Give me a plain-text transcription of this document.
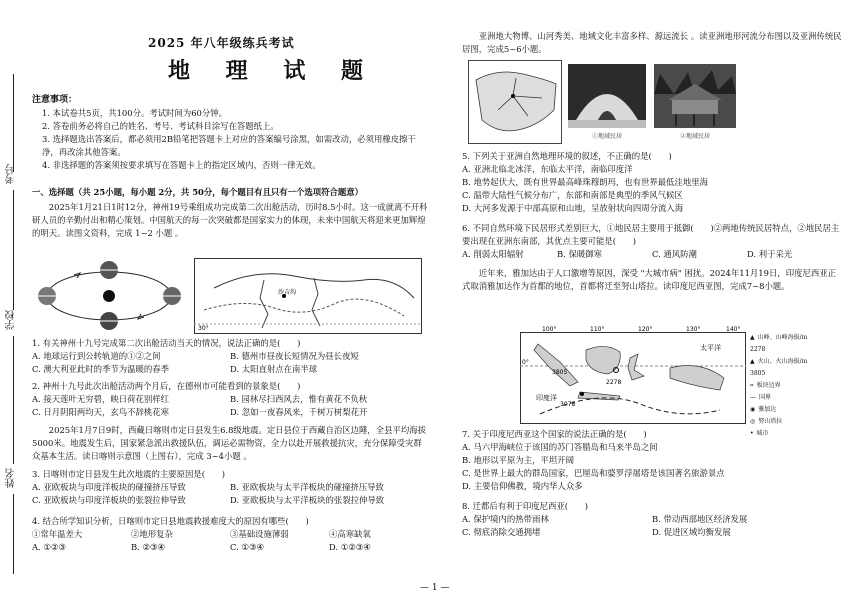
考号
学校
姓名
2025 年八年级练兵考试
地 理 试 题
注意事项：
1. 本试卷共5页，共100分。考试时间为60分钟。
2. 答卷前务必将自己的姓名、考号、考试科目涂写在答题纸上。
3. 选择题选出答案后，都必须用2B铅笔把答题卡上对应的答案编号涂黑，如需改动，必须用橡皮擦干净，再改涂其他答案。
4. 非选择题的答案须按要求填写在答题卡上的指定区域内，否则一律无效。
一、选择题（共 25小题，每小题 2分，共 50分，每个题目有且只有一个选项符合题意）
2025年1月21日1时12分，神州19号乘组成功完成第二次出舱活动，历时8.5小时。这一成就离不开科研人员的辛勤付出和精心策划。中国航天的每一次突破都是国家实力的体现，未来中国航天将迎来更加辉煌的明天。读图文资料，完成 1~2 小题 。
沙吉沟
30°
1. 有关神州十九号完成第二次出舱活动当天的情况，说法正确的是(　　)
A. 地球运行到公转轨道的①②之间	B. 德州市昼夜长短情况为昼长夜短
C. 澳大利亚此时的季节为温暖的春季	D. 太阳直射点在南半球
2. 神州十九号此次出舱活动两个月后，在德州市可能看到的景象是(　　)
A. 接天莲叶无穷碧，映日荷花别样红	B. 园林尽扫西风去，惟有黄花不负秋
C. 日月阴阳两均天，玄鸟不辞桃花寒	D. 忽如一夜春风来，千树万树梨花开
2025年1月7日9时，西藏日喀则市定日县发生6.8级地震。定日县位于西藏自治区边陲，全县平均海拔5000米。地震发生后，国家紧急派出救援队伍，调运必需物资，全力以赴开展救援抗灾，充分保障受灾群众基本生活。读日喀则示意图（上图右），完成 3~4小题 。
3. 日喀则市定日县发生此次地震的主要原因是(　　)
A. 亚欧板块与印度洋板块的碰撞挤压导致	B. 亚欧板块与太平洋板块的碰撞挤压导致
C. 亚欧板块与印度洋板块的张裂拉伸导致	D. 亚欧板块与太平洋板块的张裂拉伸导致
4. 结合所学知识分析，日喀则市定日县地震救援难度大的原因有哪些(　　)
①常年温差大	②地形复杂	③基础设施薄弱	④高寒缺氧
A. ①②③	B. ②③④	C. ①③④	D. ①②③④
— 1 —
亚洲地大物博、山河秀美、地域文化丰富多样、源远流长 。读亚洲地形河流分布图以及亚洲传统民居图，完成5~6小题。
①地域民居	②地域民居
5. 下列关于亚洲自然地理环境的叙述，不正确的是(　　)
A. 亚洲北临北冰洋，东临太平洋，南临印度洋
B. 地势起伏大，既有世界最高峰珠穆朗玛，也有世界最低洼地里海
C. 温带大陆性气候分布广，东部和南部是典型的季风气候区
D. 大河多发源于中部高原和山地，呈放射状向四周分流入海
6. 不同自然环境下民居形式差别巨大，①地民居主要用于抵御(　　)②两地传统民居特点，②地民居主要出现在亚洲东南部，其优点主要可能是(　　)
A. 削弱太阳辐射	B. 保暖御寒	C. 通风防潮	D. 利于采光
近年来，雅加达由于人口激增等原因，深受 "大城市病" 困扰。2024年11月19日，印度尼西亚正式取消雅加达作为首都的地位，首都将迁至努山塔拉。读印度尼西亚图，完成7~8小题。
100°	110°	120°	130°	140°
0°
太平洋
印度洋
3805
2278
3078
▲ 山峰、山峰海拔/m
2278
▲ 火山、火山海拔/m
3805
╍ 板块边界
— 国界
◉ 雅加达
◎ 努山塔拉
• 城市
7. 关于印度尼西亚这个国家的说法正确的是(　　)
A. 马六甲海峡位于该国的苏门答腊岛和马来半岛之间
B. 地形以平原为主，平坦开阔
C. 是世界上最大的群岛国家，巴厘岛和婆罗浮屠塔是该国著名旅游景点
D. 主要信仰佛教，境内华人众多
8. 迁都后有利于印度尼西亚(　　)
A. 保护境内的热带雨林	B. 带动西部地区经济发展
C. 彻底消除交通拥堵	D. 促进区域均衡发展
